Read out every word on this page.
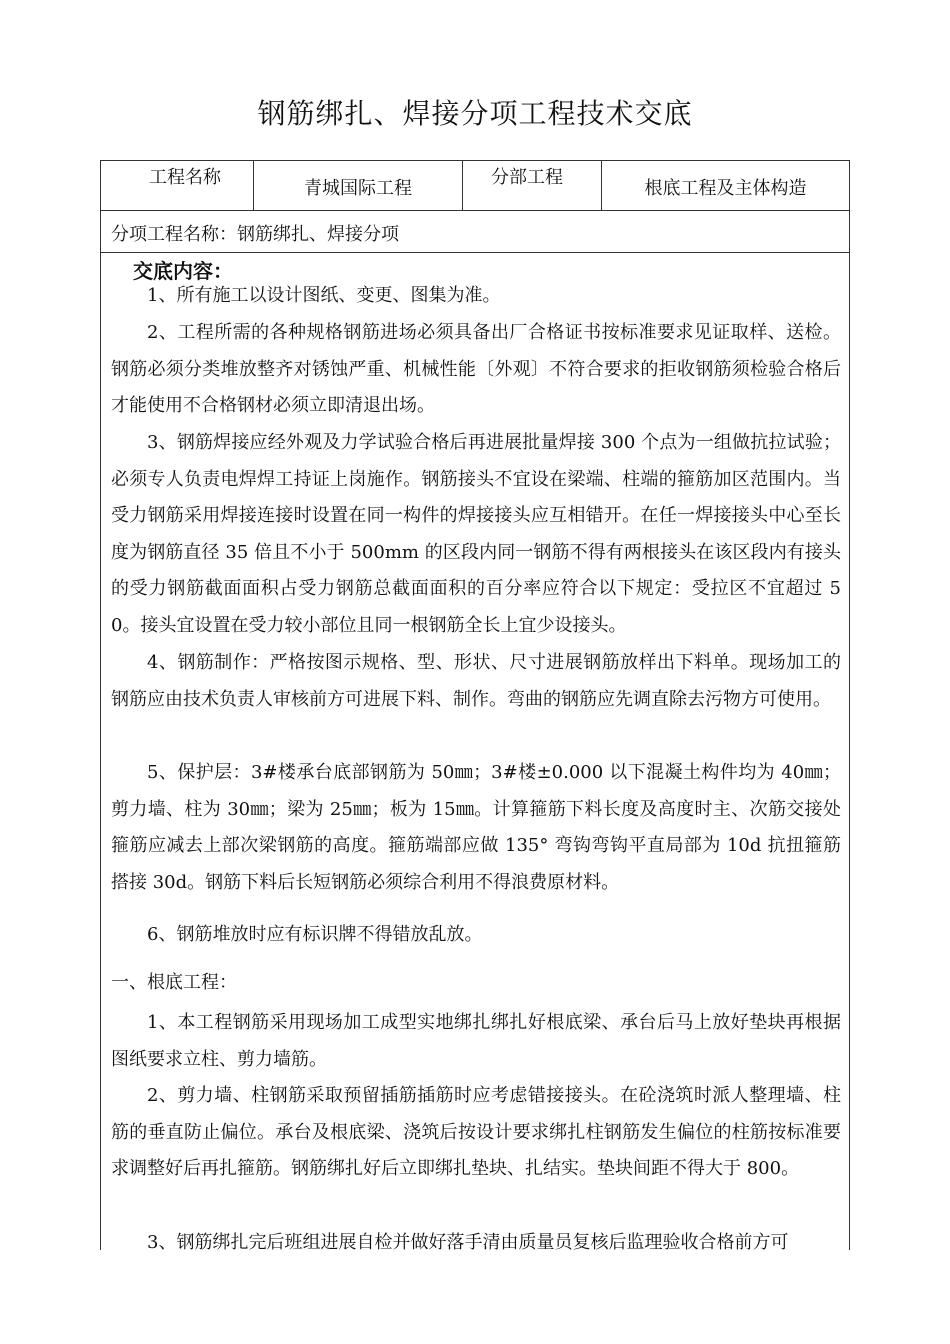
钢筋绑扎、焊接分项工程技术交底
工程名称
青城国际工程
分部工程
根底工程及主体构造
分项工程名称：钢筋绑扎、焊接分项
交底内容：
1、所有施工以设计图纸、变更、图集为准。
2、工程所需的各种规格钢筋进场必须具备出厂合格证书按标准要求见证取样、送检。钢筋必须分类堆放整齐对锈蚀严重、机械性能〔外观〕不符合要求的拒收钢筋须检验合格后才能使用不合格钢材必须立即清退出场。
3、钢筋焊接应经外观及力学试验合格后再进展批量焊接 300 个点为一组做抗拉试验；必须专人负责电焊焊工持证上岗施作。钢筋接头不宜设在梁端、柱端的箍筋加区范围内。当受力钢筋采用焊接连接时设置在同一构件的焊接接头应互相错开。在任一焊接接头中心至长度为钢筋直径 35 倍且不小于 500mm 的区段内同一钢筋不得有两根接头在该区段内有接头的受力钢筋截面面积占受力钢筋总截面面积的百分率应符合以下规定：受拉区不宜超过 50。接头宜设置在受力较小部位且同一根钢筋全长上宜少设接头。
4、钢筋制作：严格按图示规格、型、形状、尺寸进展钢筋放样出下料单。现场加工的钢筋应由技术负责人审核前方可进展下料、制作。弯曲的钢筋应先调直除去污物方可使用。
5、保护层：3#楼承台底部钢筋为 50㎜；3#楼±0.000 以下混凝土构件均为 40㎜；剪力墙、柱为 30㎜；梁为 25㎜；板为 15㎜。计算箍筋下料长度及高度时主、次筋交接处箍筋应减去上部次梁钢筋的高度。箍筋端部应做 135° 弯钩弯钩平直局部为 10d 抗扭箍筋搭接 30d。钢筋下料后长短钢筋必须综合利用不得浪费原材料。
6、钢筋堆放时应有标识牌不得错放乱放。
一、根底工程：
1、本工程钢筋采用现场加工成型实地绑扎绑扎好根底梁、承台后马上放好垫块再根据图纸要求立柱、剪力墙筋。
2、剪力墙、柱钢筋采取预留插筋插筋时应考虑错接接头。在砼浇筑时派人整理墙、柱筋的垂直防止偏位。承台及根底梁、浇筑后按设计要求绑扎柱钢筋发生偏位的柱筋按标准要求调整好后再扎箍筋。钢筋绑扎好后立即绑扎垫块、扎结实。垫块间距不得大于 800。
3、钢筋绑扎完后班组进展自检并做好落手清由质量员复核后监理验收合格前方可
